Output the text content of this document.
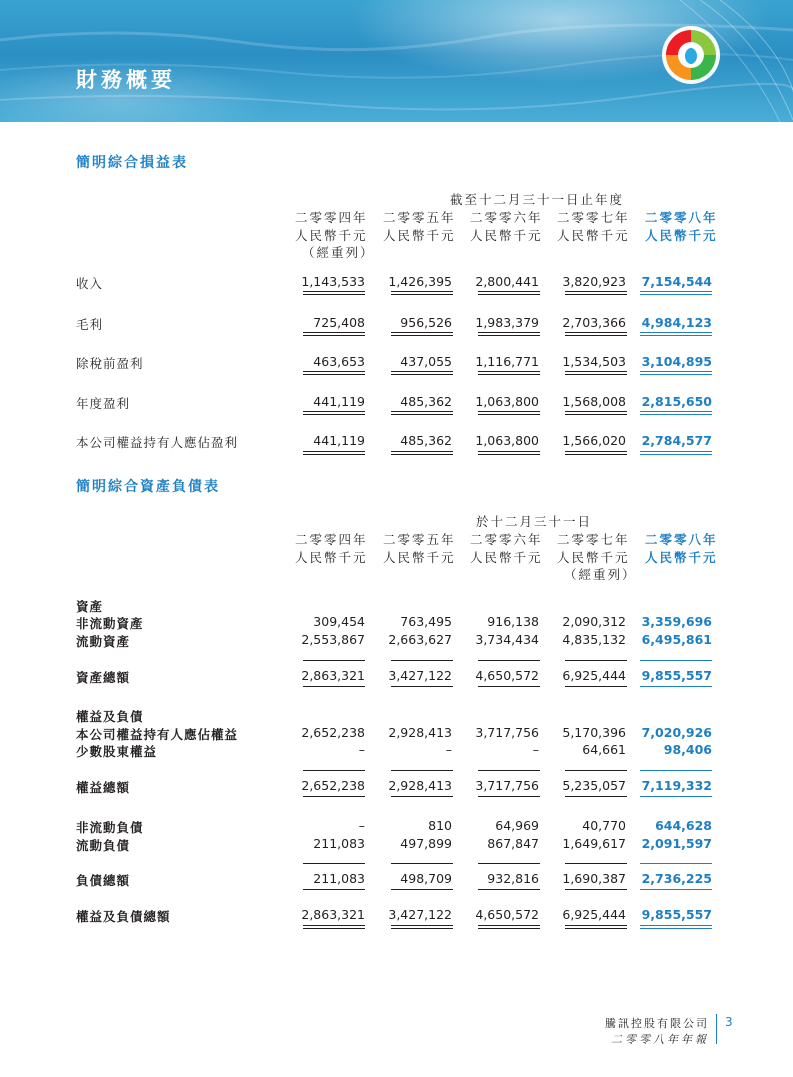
財務概要
簡明綜合損益表
截至十二月三十一日止年度
二零零四年 二零零五年 二零零六年 二零零七年 二零零八年
人民幣千元 人民幣千元 人民幣千元 人民幣千元 人民幣千元
（經重列）
收入	1,143,533	1,426,395	2,800,441	3,820,923	7,154,544
毛利	725,408	956,526	1,983,379	2,703,366	4,984,123
除稅前盈利	463,653	437,055	1,116,771	1,534,503	3,104,895
年度盈利	441,119	485,362	1,063,800	1,568,008	2,815,650
本公司權益持有人應佔盈利	441,119	485,362	1,063,800	1,566,020	2,784,577
簡明綜合資產負債表
於十二月三十一日
二零零四年 二零零五年 二零零六年 二零零七年 二零零八年
人民幣千元 人民幣千元 人民幣千元 人民幣千元 人民幣千元
（經重列）
資產
非流動資產	309,454	763,495	916,138	2,090,312	3,359,696
流動資產	2,553,867	2,663,627	3,734,434	4,835,132	6,495,861
資產總額	2,863,321	3,427,122	4,650,572	6,925,444	9,855,557
權益及負債
本公司權益持有人應佔權益	2,652,238	2,928,413	3,717,756	5,170,396	7,020,926
少數股東權益	–	–	–	64,661	98,406
權益總額	2,652,238	2,928,413	3,717,756	5,235,057	7,119,332
非流動負債	–	810	64,969	40,770	644,628
流動負債	211,083	497,899	867,847	1,649,617	2,091,597
負債總額	211,083	498,709	932,816	1,690,387	2,736,225
權益及負債總額	2,863,321	3,427,122	4,650,572	6,925,444	9,855,557
騰訊控股有限公司
二零零八年年報
3
